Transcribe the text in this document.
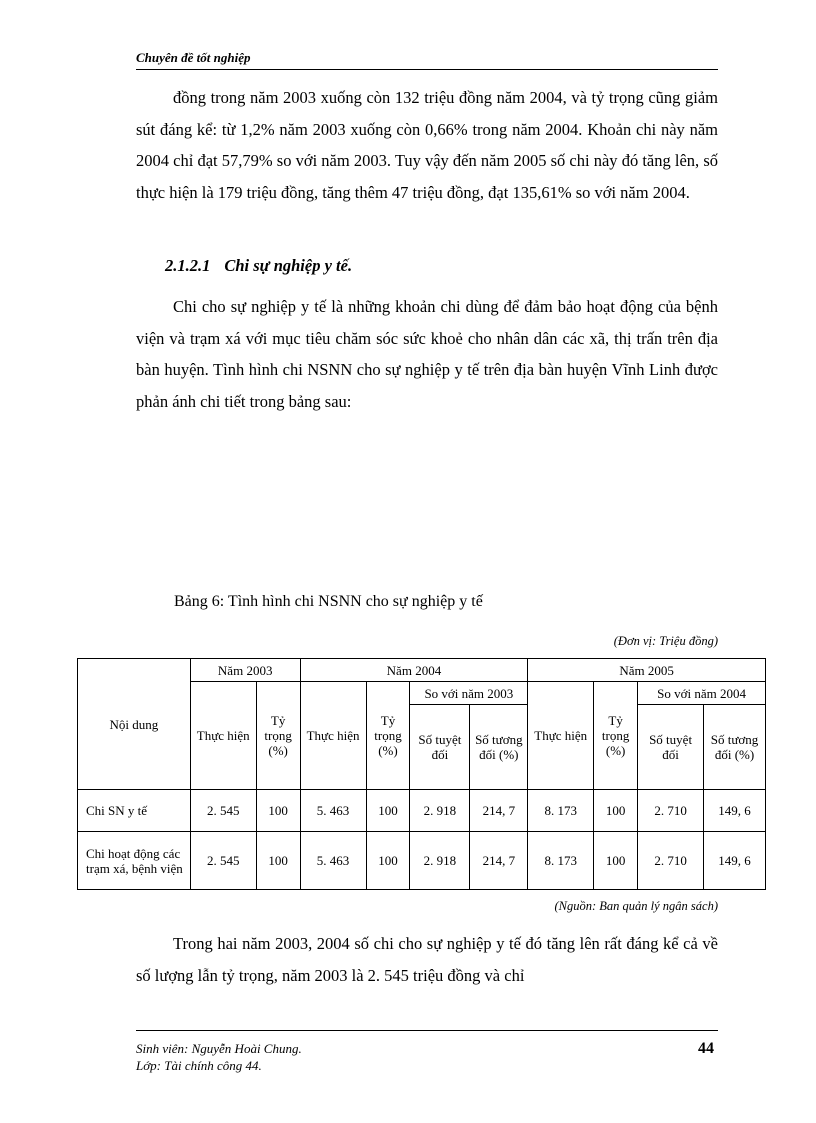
Chuyên đề tốt nghiệp

đồng trong năm 2003 xuống còn 132 triệu đồng năm 2004, và tỷ trọng cũng giảm sút đáng kể: từ 1,2% năm 2003 xuống còn 0,66% trong năm 2004. Khoản chi này năm 2004 chỉ đạt 57,79% so với năm 2003. Tuy vậy đến năm 2005 số chi này đó tăng lên, số thực hiện là 179 triệu đồng, tăng thêm 47 triệu đồng, đạt 135,61% so với năm 2004.

2.1.2.1 Chi sự nghiệp y tế.

Chi cho sự nghiệp y tế là những khoản chi dùng để đảm bảo hoạt động của bệnh viện và trạm xá với mục tiêu chăm sóc sức khoẻ cho nhân dân các xã, thị trấn trên địa bàn huyện. Tình hình chi NSNN cho sự nghiệp y tế trên địa bàn huyện Vĩnh Linh được phản ánh chi tiết trong bảng sau:

Bảng 6: Tình hình chi NSNN cho sự nghiệp y tế
(Đơn vị: Triệu đồng)
Nội dung	Năm 2003		Năm 2004				Năm 2005			
	Thực hiện	Tỷ trọng (%)	Thực hiện	Tỷ trọng (%)	So với năm 2003		Thực hiện	Tỷ trọng (%)	So với năm 2004	
					Số tuyệt đối	Số tương đối (%)			Số tuyệt đối	Số tương đối (%)
Chi SN y tế	2. 545	100	5. 463	100	2. 918	214, 7	8. 173	100	2. 710	149, 6
Chi hoạt động các trạm xá, bệnh viện	2. 545	100	5. 463	100	2. 918	214, 7	8. 173	100	2. 710	149, 6
(Nguồn: Ban quản lý ngân sách)

Trong hai năm 2003, 2004 số chi cho sự nghiệp y tế đó tăng lên rất đáng kể cả về số lượng lẫn tỷ trọng, năm 2003 là 2. 545 triệu đồng và chỉ

Sinh viên: Nguyễn Hoài Chung.
Lớp: Tài chính công 44.
44
